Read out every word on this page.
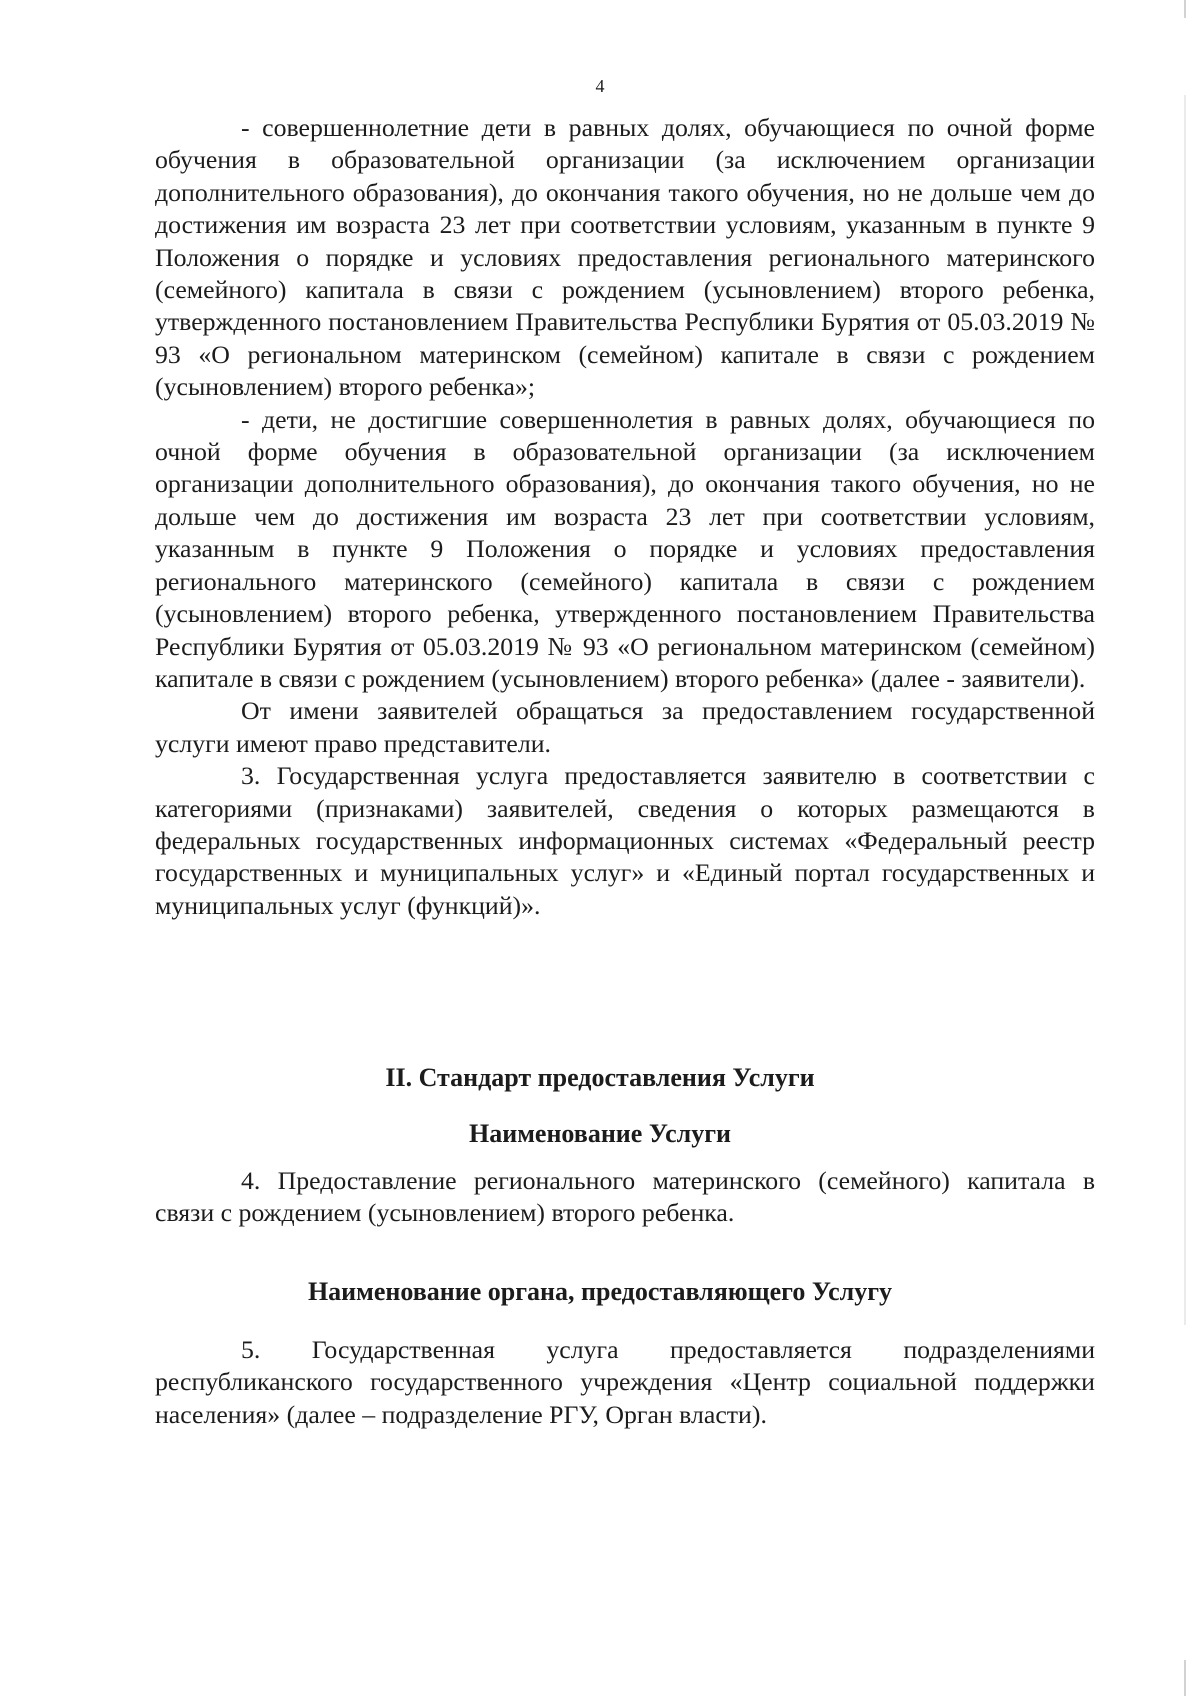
4

- совершеннолетние дети в равных долях, обучающиеся по очной форме обучения в образовательной организации (за исключением организации дополнительного образования), до окончания такого обучения, но не дольше чем до достижения им возраста 23 лет при соответствии условиям, указанным в пункте 9 Положения о порядке и условиях предоставления регионального материнского (семейного) капитала в связи с рождением (усыновлением) второго ребенка, утвержденного постановлением Правительства Республики Бурятия от 05.03.2019 № 93 «О региональном материнском (семейном) капитале в связи с рождением (усыновлением) второго ребенка»;

- дети, не достигшие совершеннолетия в равных долях, обучающиеся по очной форме обучения в образовательной организации (за исключением организации дополнительного образования), до окончания такого обучения, но не дольше чем до достижения им возраста 23 лет при соответствии условиям, указанным в пункте 9 Положения о порядке и условиях предоставления регионального материнского (семейного) капитала в связи с рождением (усыновлением) второго ребенка, утвержденного постановлением Правительства Республики Бурятия от 05.03.2019 № 93 «О региональном материнском (семейном) капитале в связи с рождением (усыновлением) второго ребенка» (далее - заявители).

От имени заявителей обращаться за предоставлением государственной услуги имеют право представители.

3. Государственная услуга предоставляется заявителю в соответствии с категориями (признаками) заявителей, сведения о которых размещаются в федеральных государственных информационных системах «Федеральный реестр государственных и муниципальных услуг» и «Единый портал государственных и муниципальных услуг (функций)».

II. Стандарт предоставления Услуги
Наименование Услуги

4. Предоставление регионального материнского (семейного) капитала в связи с рождением (усыновлением) второго ребенка.

Наименование органа, предоставляющего Услугу

5. Государственная услуга предоставляется подразделениями республиканского государственного учреждения «Центр социальной поддержки населения» (далее – подразделение РГУ, Орган власти).
